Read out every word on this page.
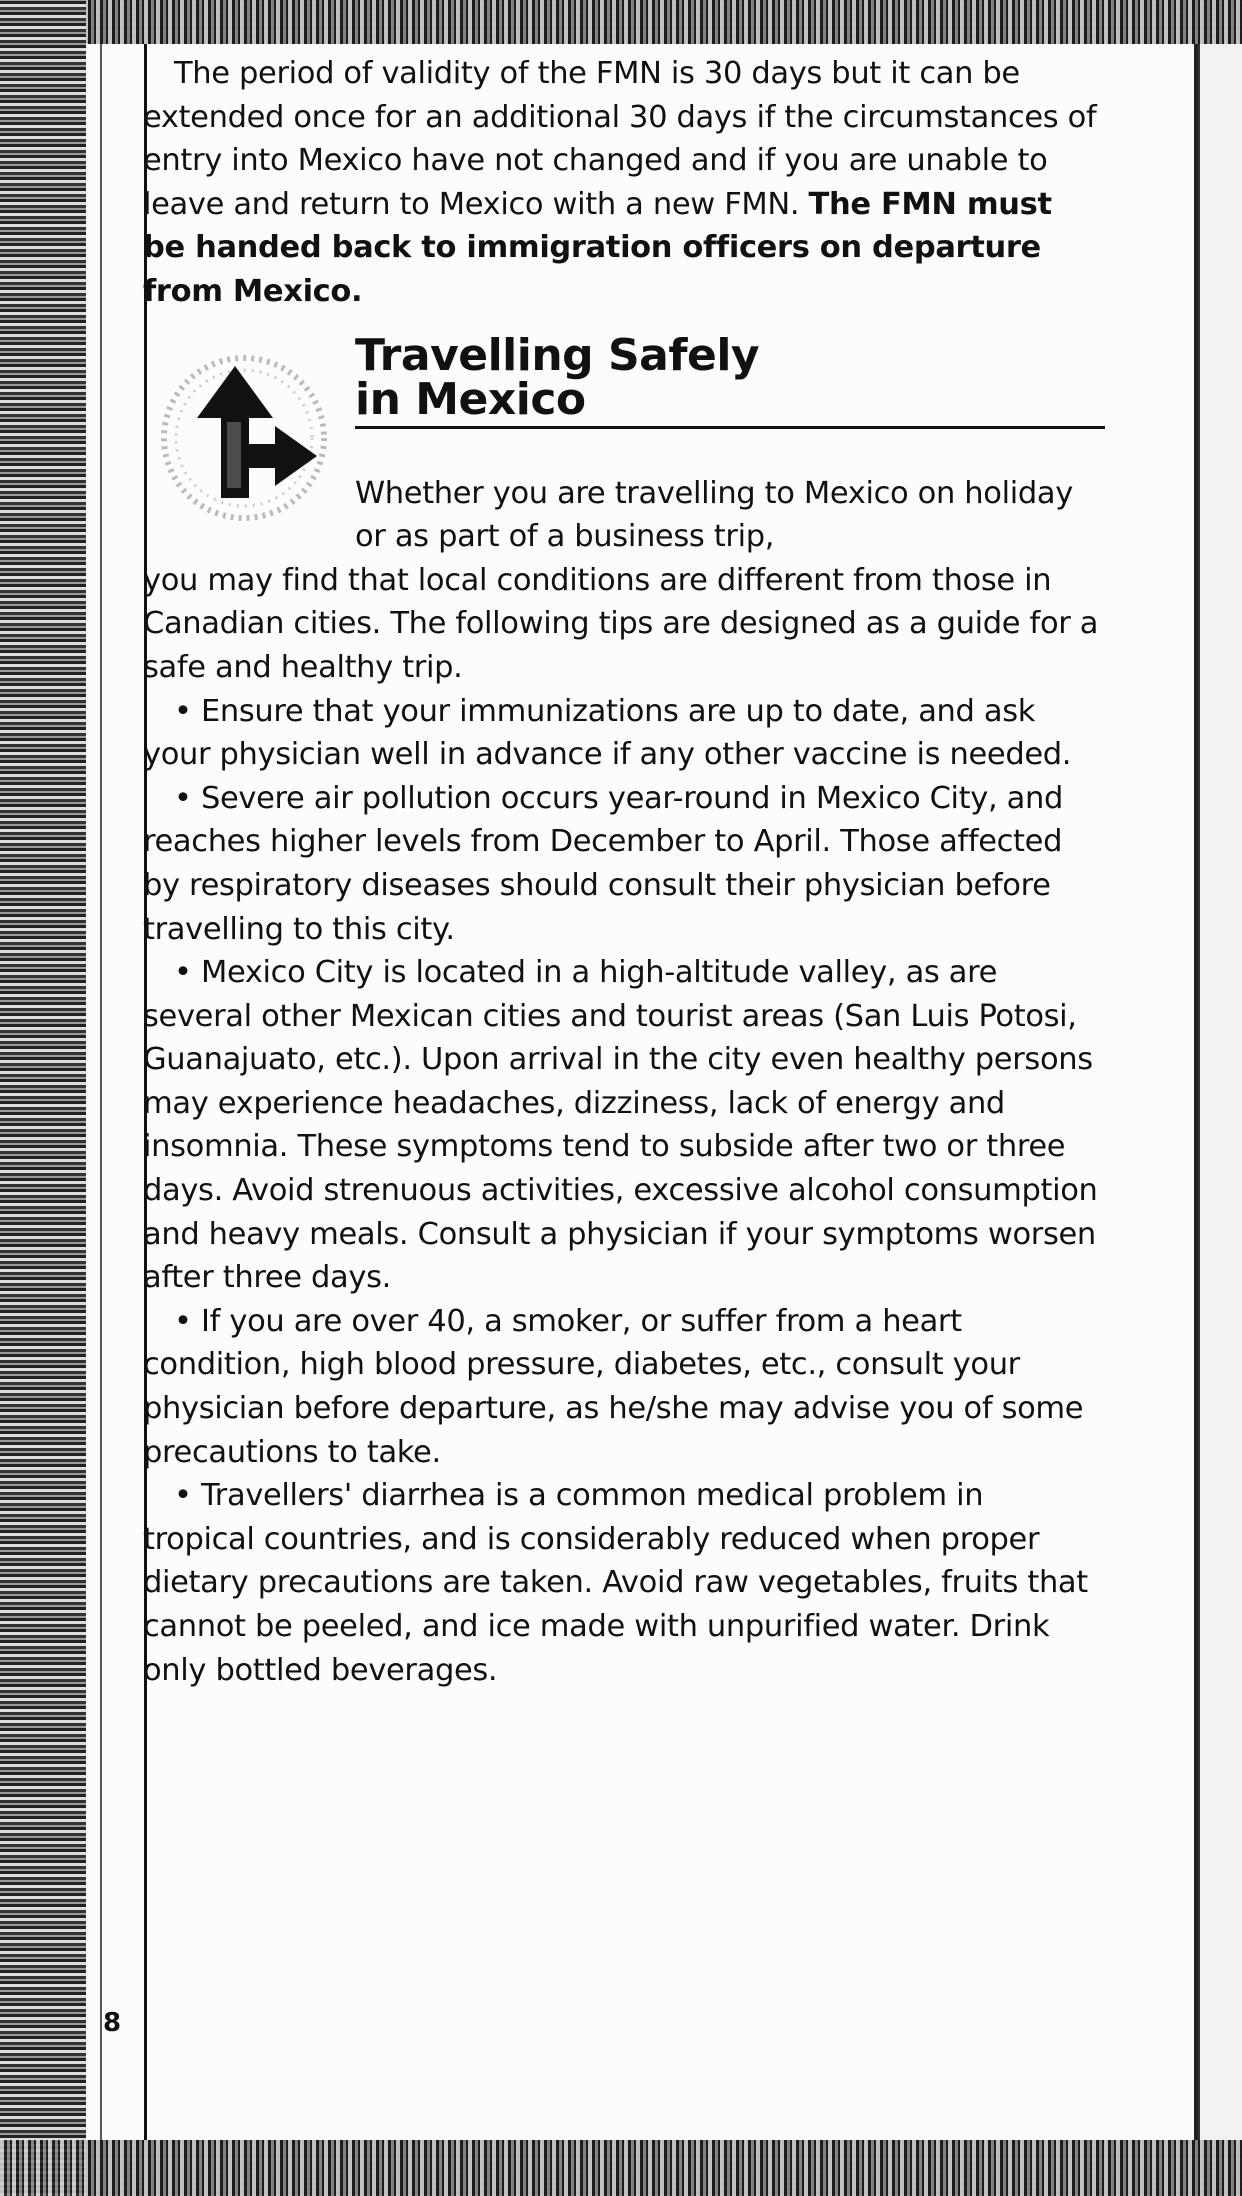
The period of validity of the FMN is 30 days but it can be extended once for an additional 30 days if the circumstances of entry into Mexico have not changed and if you are unable to leave and return to Mexico with a new FMN. The FMN must be handed back to immigration officers on departure from Mexico.

Travelling Safely
in Mexico

Whether you are travelling to Mexico on holiday or as part of a business trip,
you may find that local conditions are different from those in Canadian cities. The following tips are designed as a guide for a safe and healthy trip.

• Ensure that your immunizations are up to date, and ask your physician well in advance if any other vaccine is needed.

• Severe air pollution occurs year-round in Mexico City, and reaches higher levels from December to April. Those affected by respiratory diseases should consult their physician before travelling to this city.

• Mexico City is located in a high-altitude valley, as are several other Mexican cities and tourist areas (San Luis Potosi, Guanajuato, etc.). Upon arrival in the city even healthy persons may experience headaches, dizziness, lack of energy and insomnia. These symptoms tend to subside after two or three days. Avoid strenuous activities, excessive alcohol consumption and heavy meals. Consult a physician if your symptoms worsen after three days.

• If you are over 40, a smoker, or suffer from a heart condition, high blood pressure, diabetes, etc., consult your physician before departure, as he/she may advise you of some precautions to take.

• Travellers' diarrhea is a common medical problem in tropical countries, and is considerably reduced when proper dietary precautions are taken. Avoid raw vegetables, fruits that cannot be peeled, and ice made with unpurified water. Drink only bottled beverages.

8
